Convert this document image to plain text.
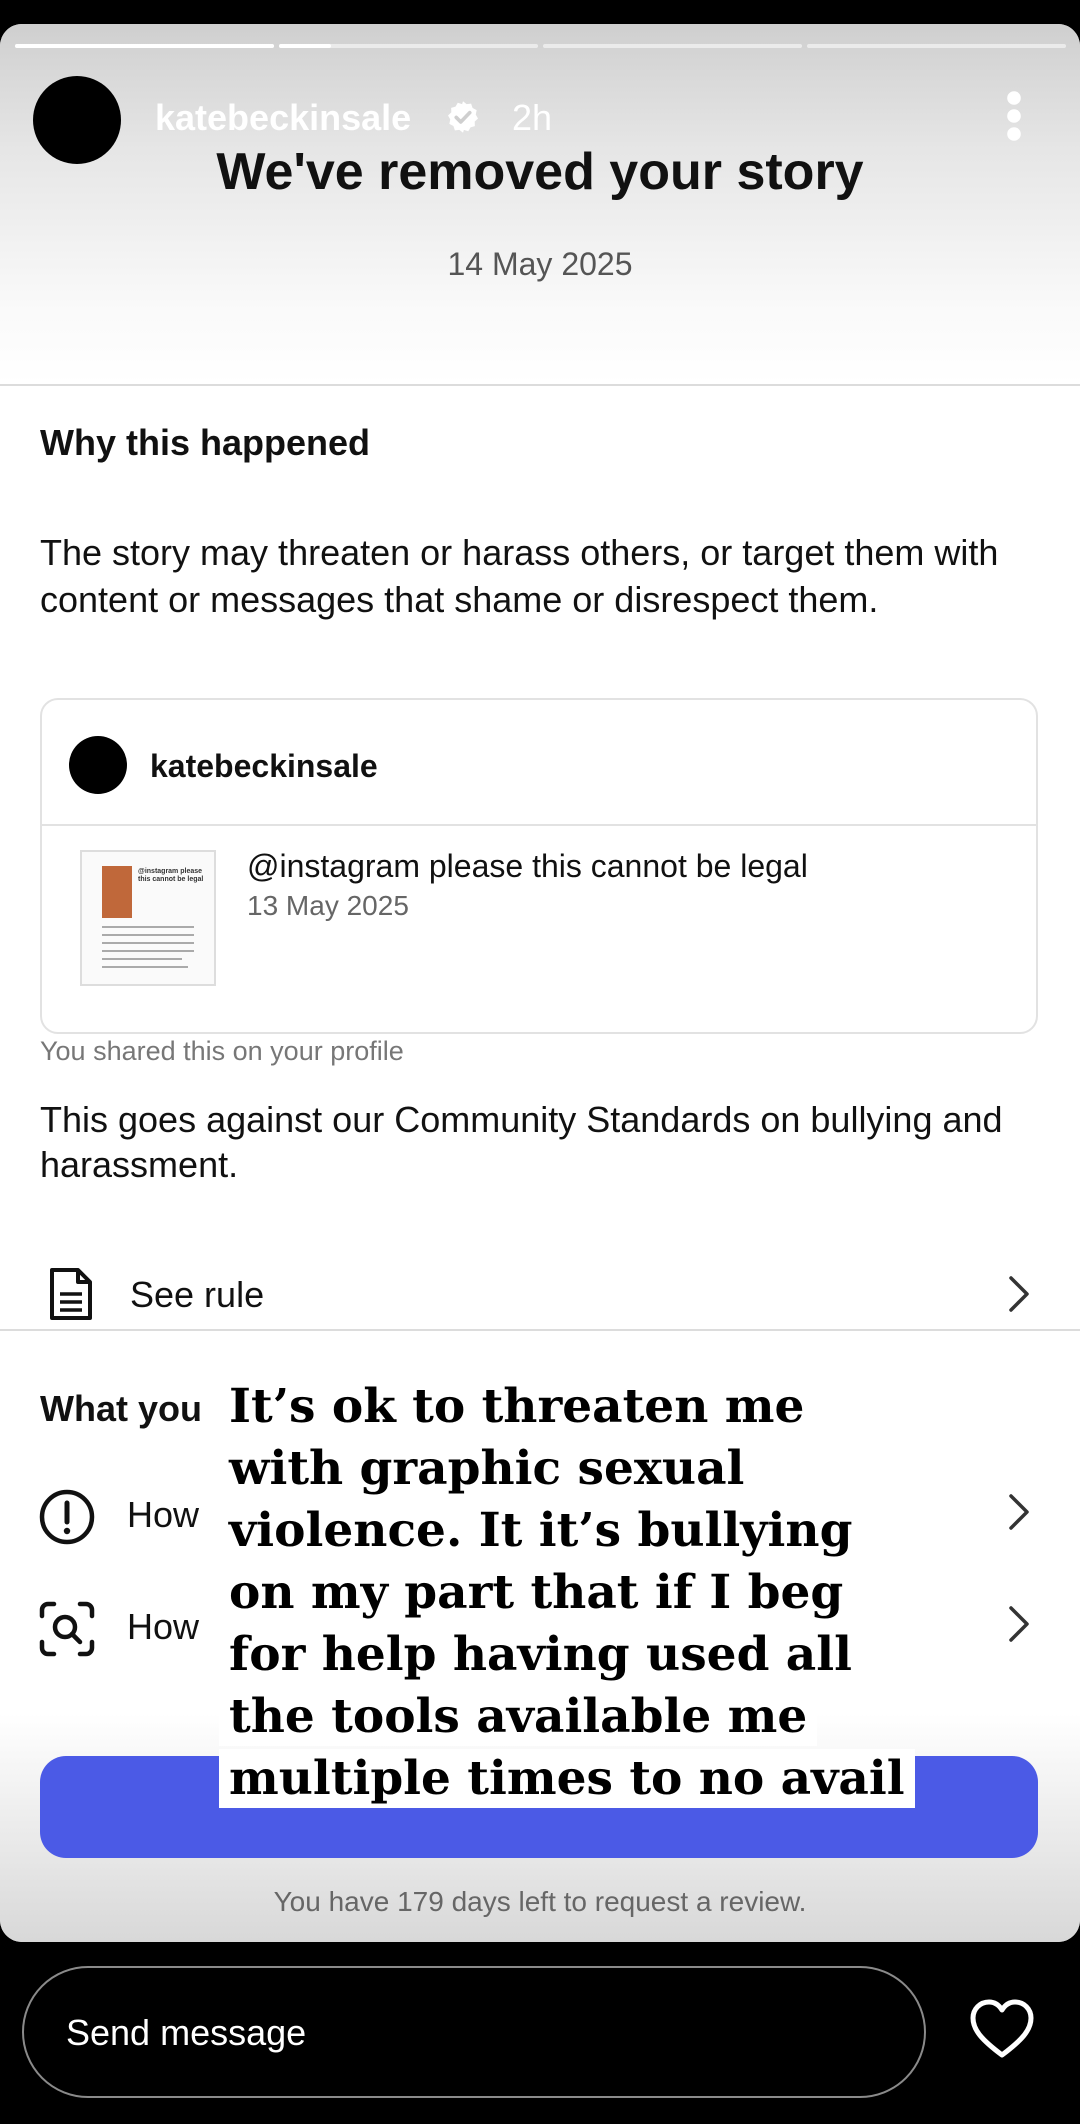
katebeckinsale	2h
We've removed your story
14 May 2025
Why this happened
The story may threaten or harass others, or target them with content or messages that shame or disrespect them.
katebeckinsale
@instagram please this cannot be legal @instagram please this cannot be legal
13 May 2025
You shared this on your profile
This goes against our Community Standards on bullying and harassment.
See rule
What you
How
How
You have 179 days left to request a review.
It’s ok to threaten me
with graphic sexual
violence. It it’s bullying
on my part that if I beg
for help having used all
the tools available me
multiple times to no avail
Send message
